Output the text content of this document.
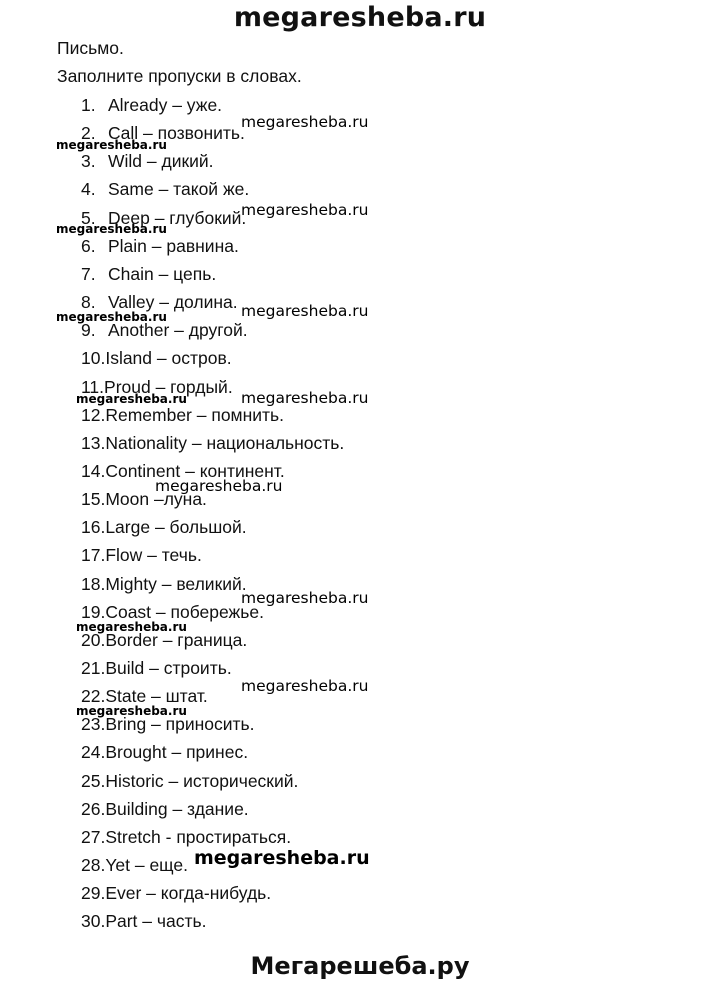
megaresheba.ru
Письмо.
Заполните пропуски в словах.
1. Already – уже.
2. Call – позвонить.
3. Wild – дикий.
4. Same – такой же.
5. Deep – глубокий.
6. Plain – равнина.
7. Chain – цепь.
8. Valley – долина.
9. Another – другой.
10.Island – остров.
11.Proud – гордый.
12.Remember – помнить.
13.Nationality – национальность.
14.Continent – континент.
15.Moon –луна.
16.Large – большой.
17.Flow – течь.
18.Mighty – великий.
19.Coast – побережье.
20.Border – граница.
21.Build – строить.
22.State – штат.
23.Bring – приносить.
24.Brought – принес.
25.Historic – исторический.
26.Building – здание.
27.Stretch - простираться.
28.Yet – еще.
29.Ever – когда-нибудь.
30.Part – часть.
megaresheba.ru
megaresheba.ru
megaresheba.ru
megaresheba.ru
megaresheba.ru
megaresheba.ru
megaresheba.ru
megaresheba.ru
megaresheba.ru
megaresheba.ru
megaresheba.ru
megaresheba.ru
megaresheba.ru
megaresheba.ru
Мегарешеба.ру
